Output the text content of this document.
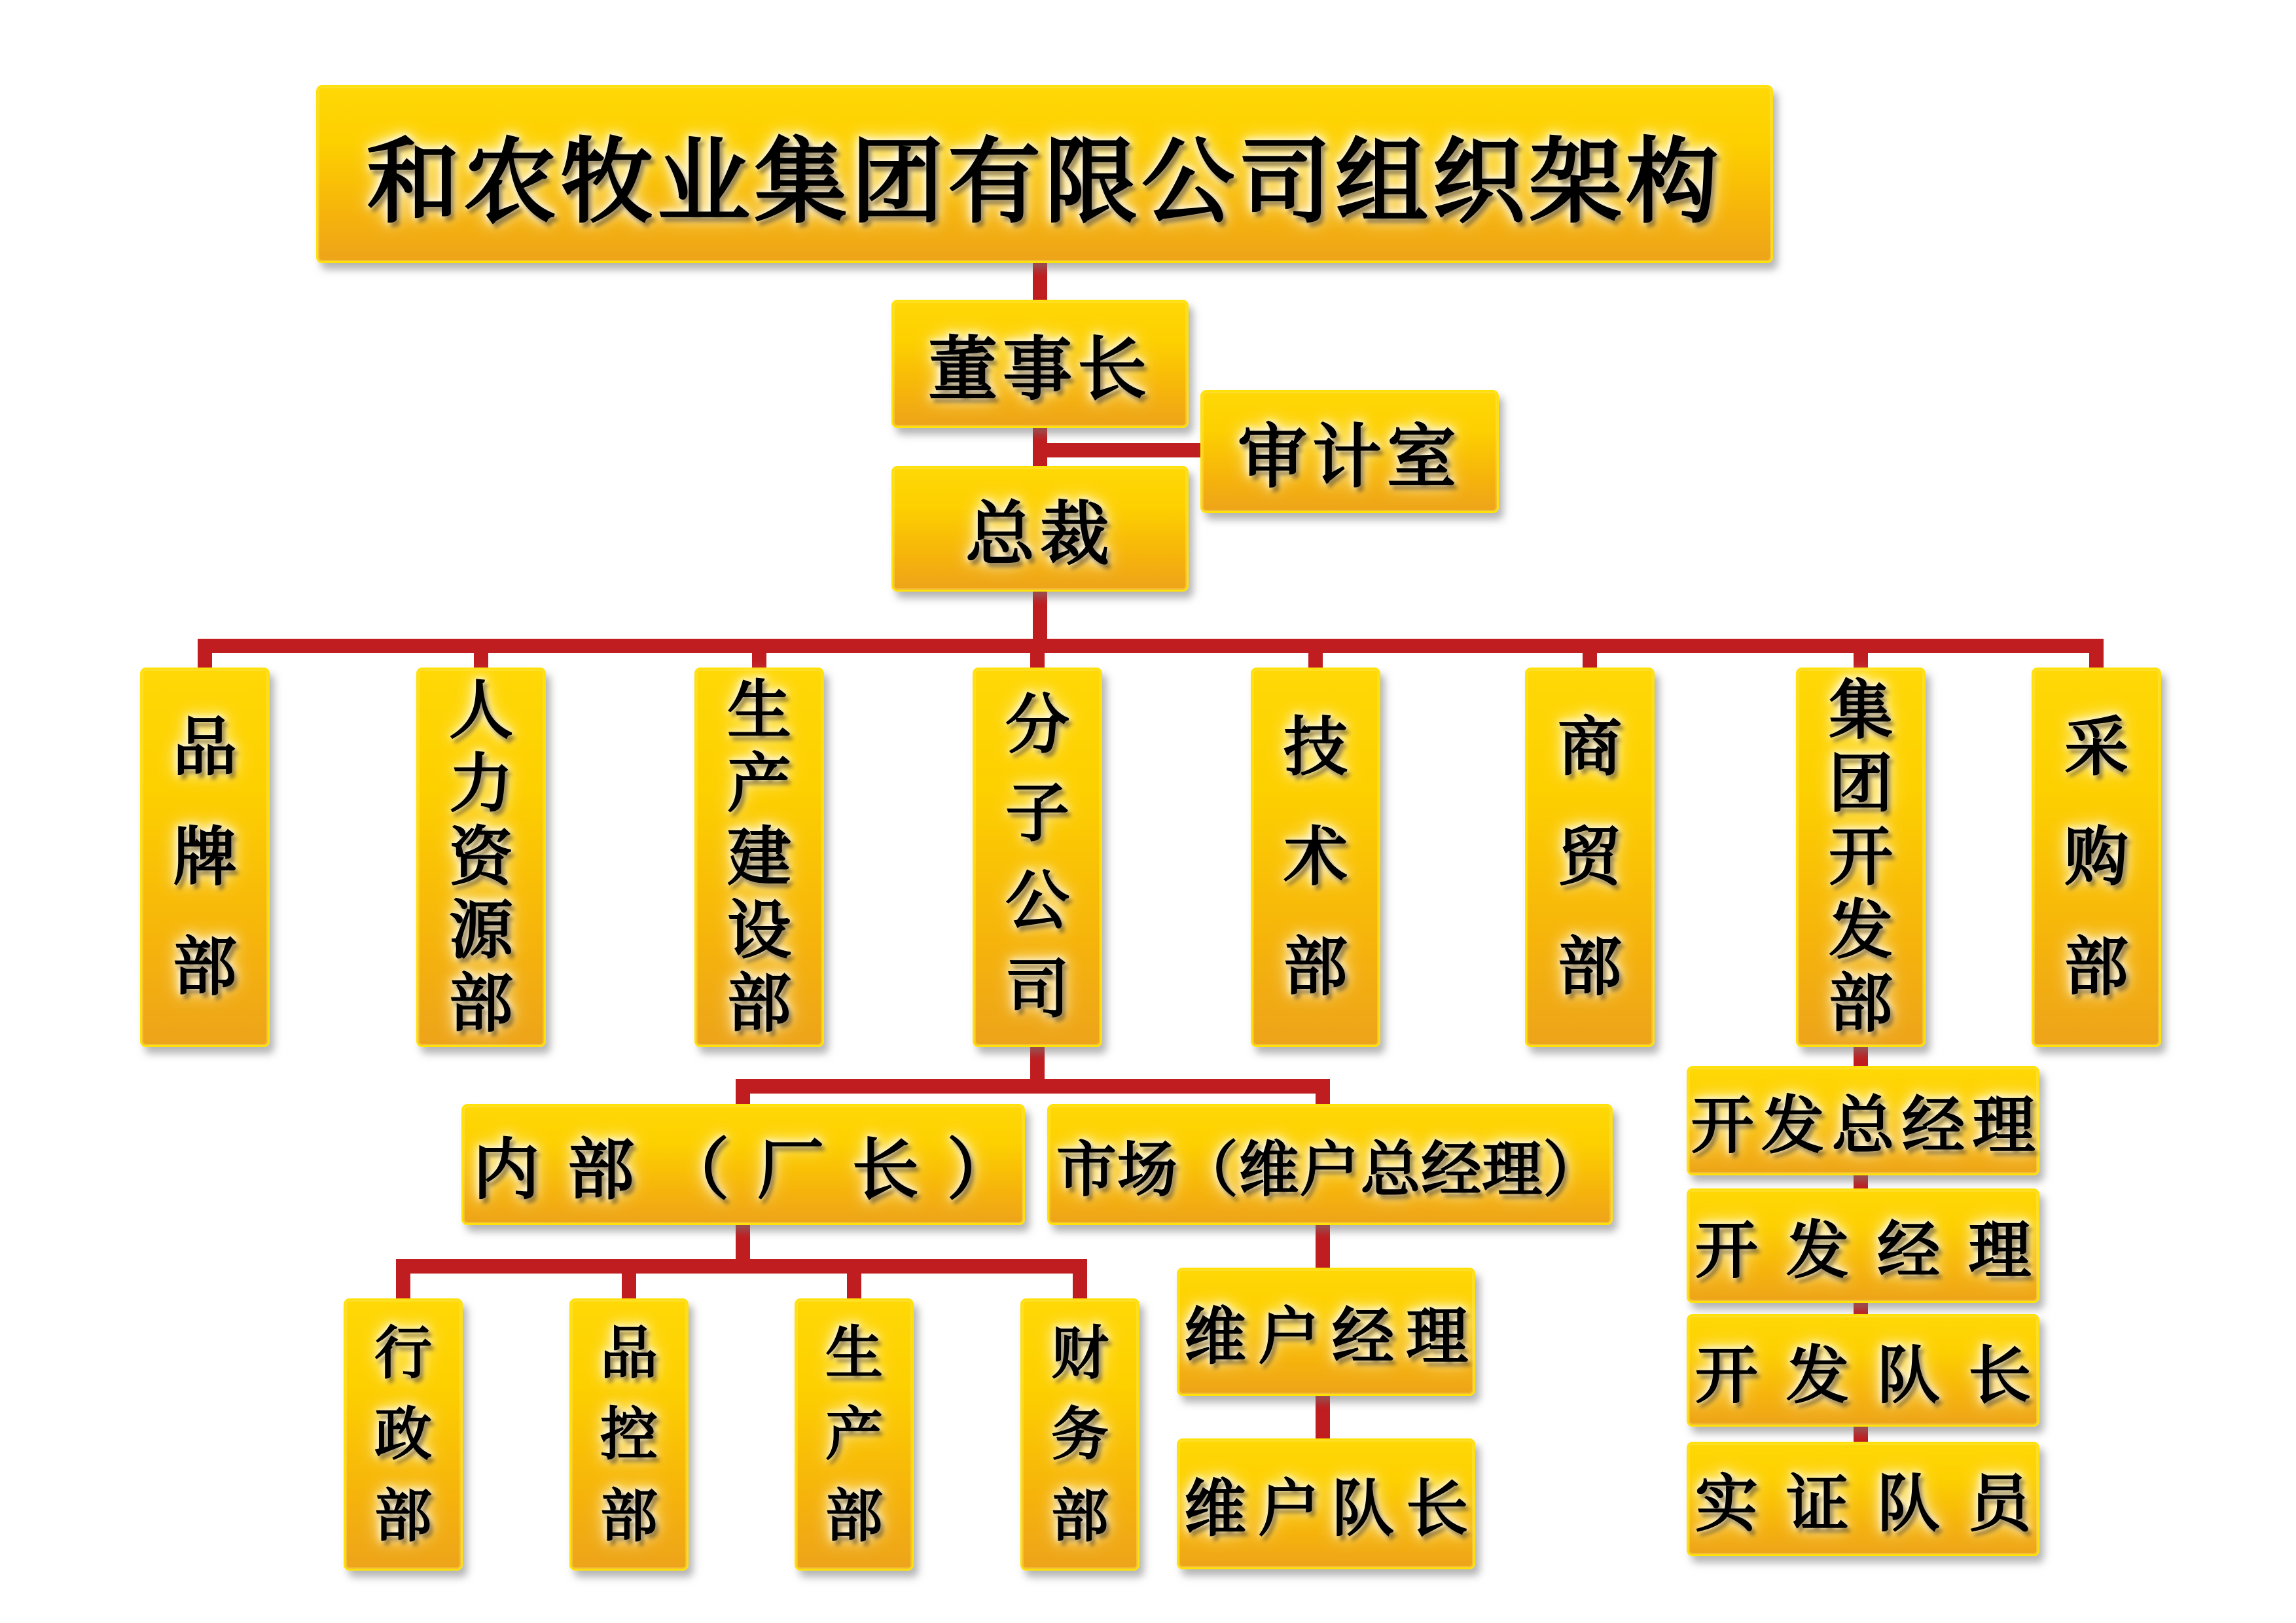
和农牧业集团有限公司组织架构
董事长
审计室
总裁
品
牌
部
人
力
资
源
部
生
产
建
设
部
分
子
公
司
技
术
部
商
贸
部
集
团
开
发
部
采
购
部
内部（厂长） 市场（维户总经理）
行
政
部
品
控
部
生
产
部
财
务
部
维户经理
维户队长
开发总经理
开发经理
开发队长
实证队员
